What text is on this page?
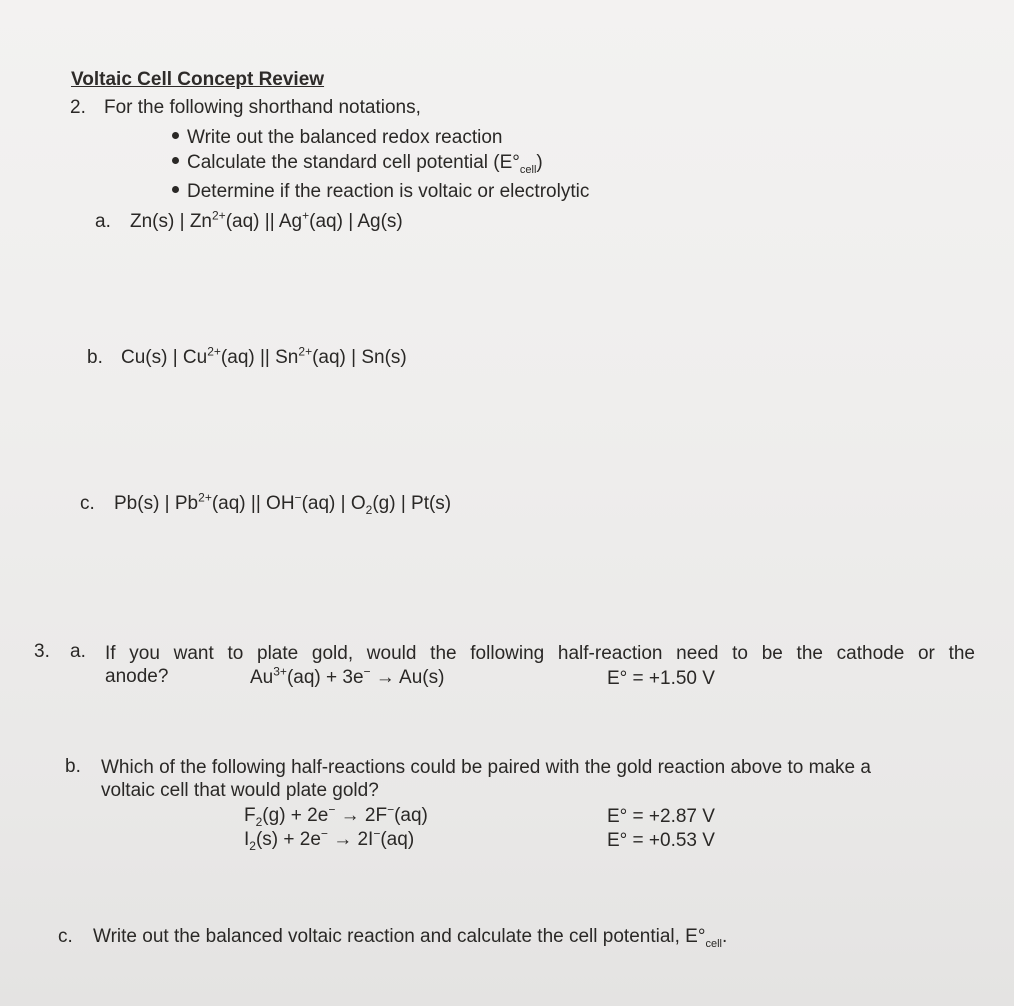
Voltaic Cell Concept Review
2. For the following shorthand notations,
Write out the balanced redox reaction
Calculate the standard cell potential $(E^\circ_{cell})$
Determine if the reaction is voltaic or electrolytic
a. Zn(s) | $Zn^{2+}(aq)$ || Ag+(aq) | Ag(s)
b. Cu(s) | $Cu^{2+}(aq)$ || $Sn^{2+}(aq)$ | Sn(s)
c. Pb(s) | $Pb^{2+}(aq)$ || OH−(aq) | $O_2(g)$ | Pt(s)
3. a. If you want to plate gold, would the following half-reaction need to be the cathode or the
anode?	$Au^{3+}(aq) + 3e^- \to Au(s)$	E° = +1.50 V
b. Which of the following half-reactions could be paired with the gold reaction above to make a
voltaic cell that would plate gold?
$F_2(g) + 2e^- \to 2F^-(aq)$	E° = +2.87 V
$I_2(s) + 2e^- \to 2I^-(aq)$	E° = +0.53 V
c. Write out the balanced voltaic reaction and calculate the cell potential, $E^\circ_{cell}$.
